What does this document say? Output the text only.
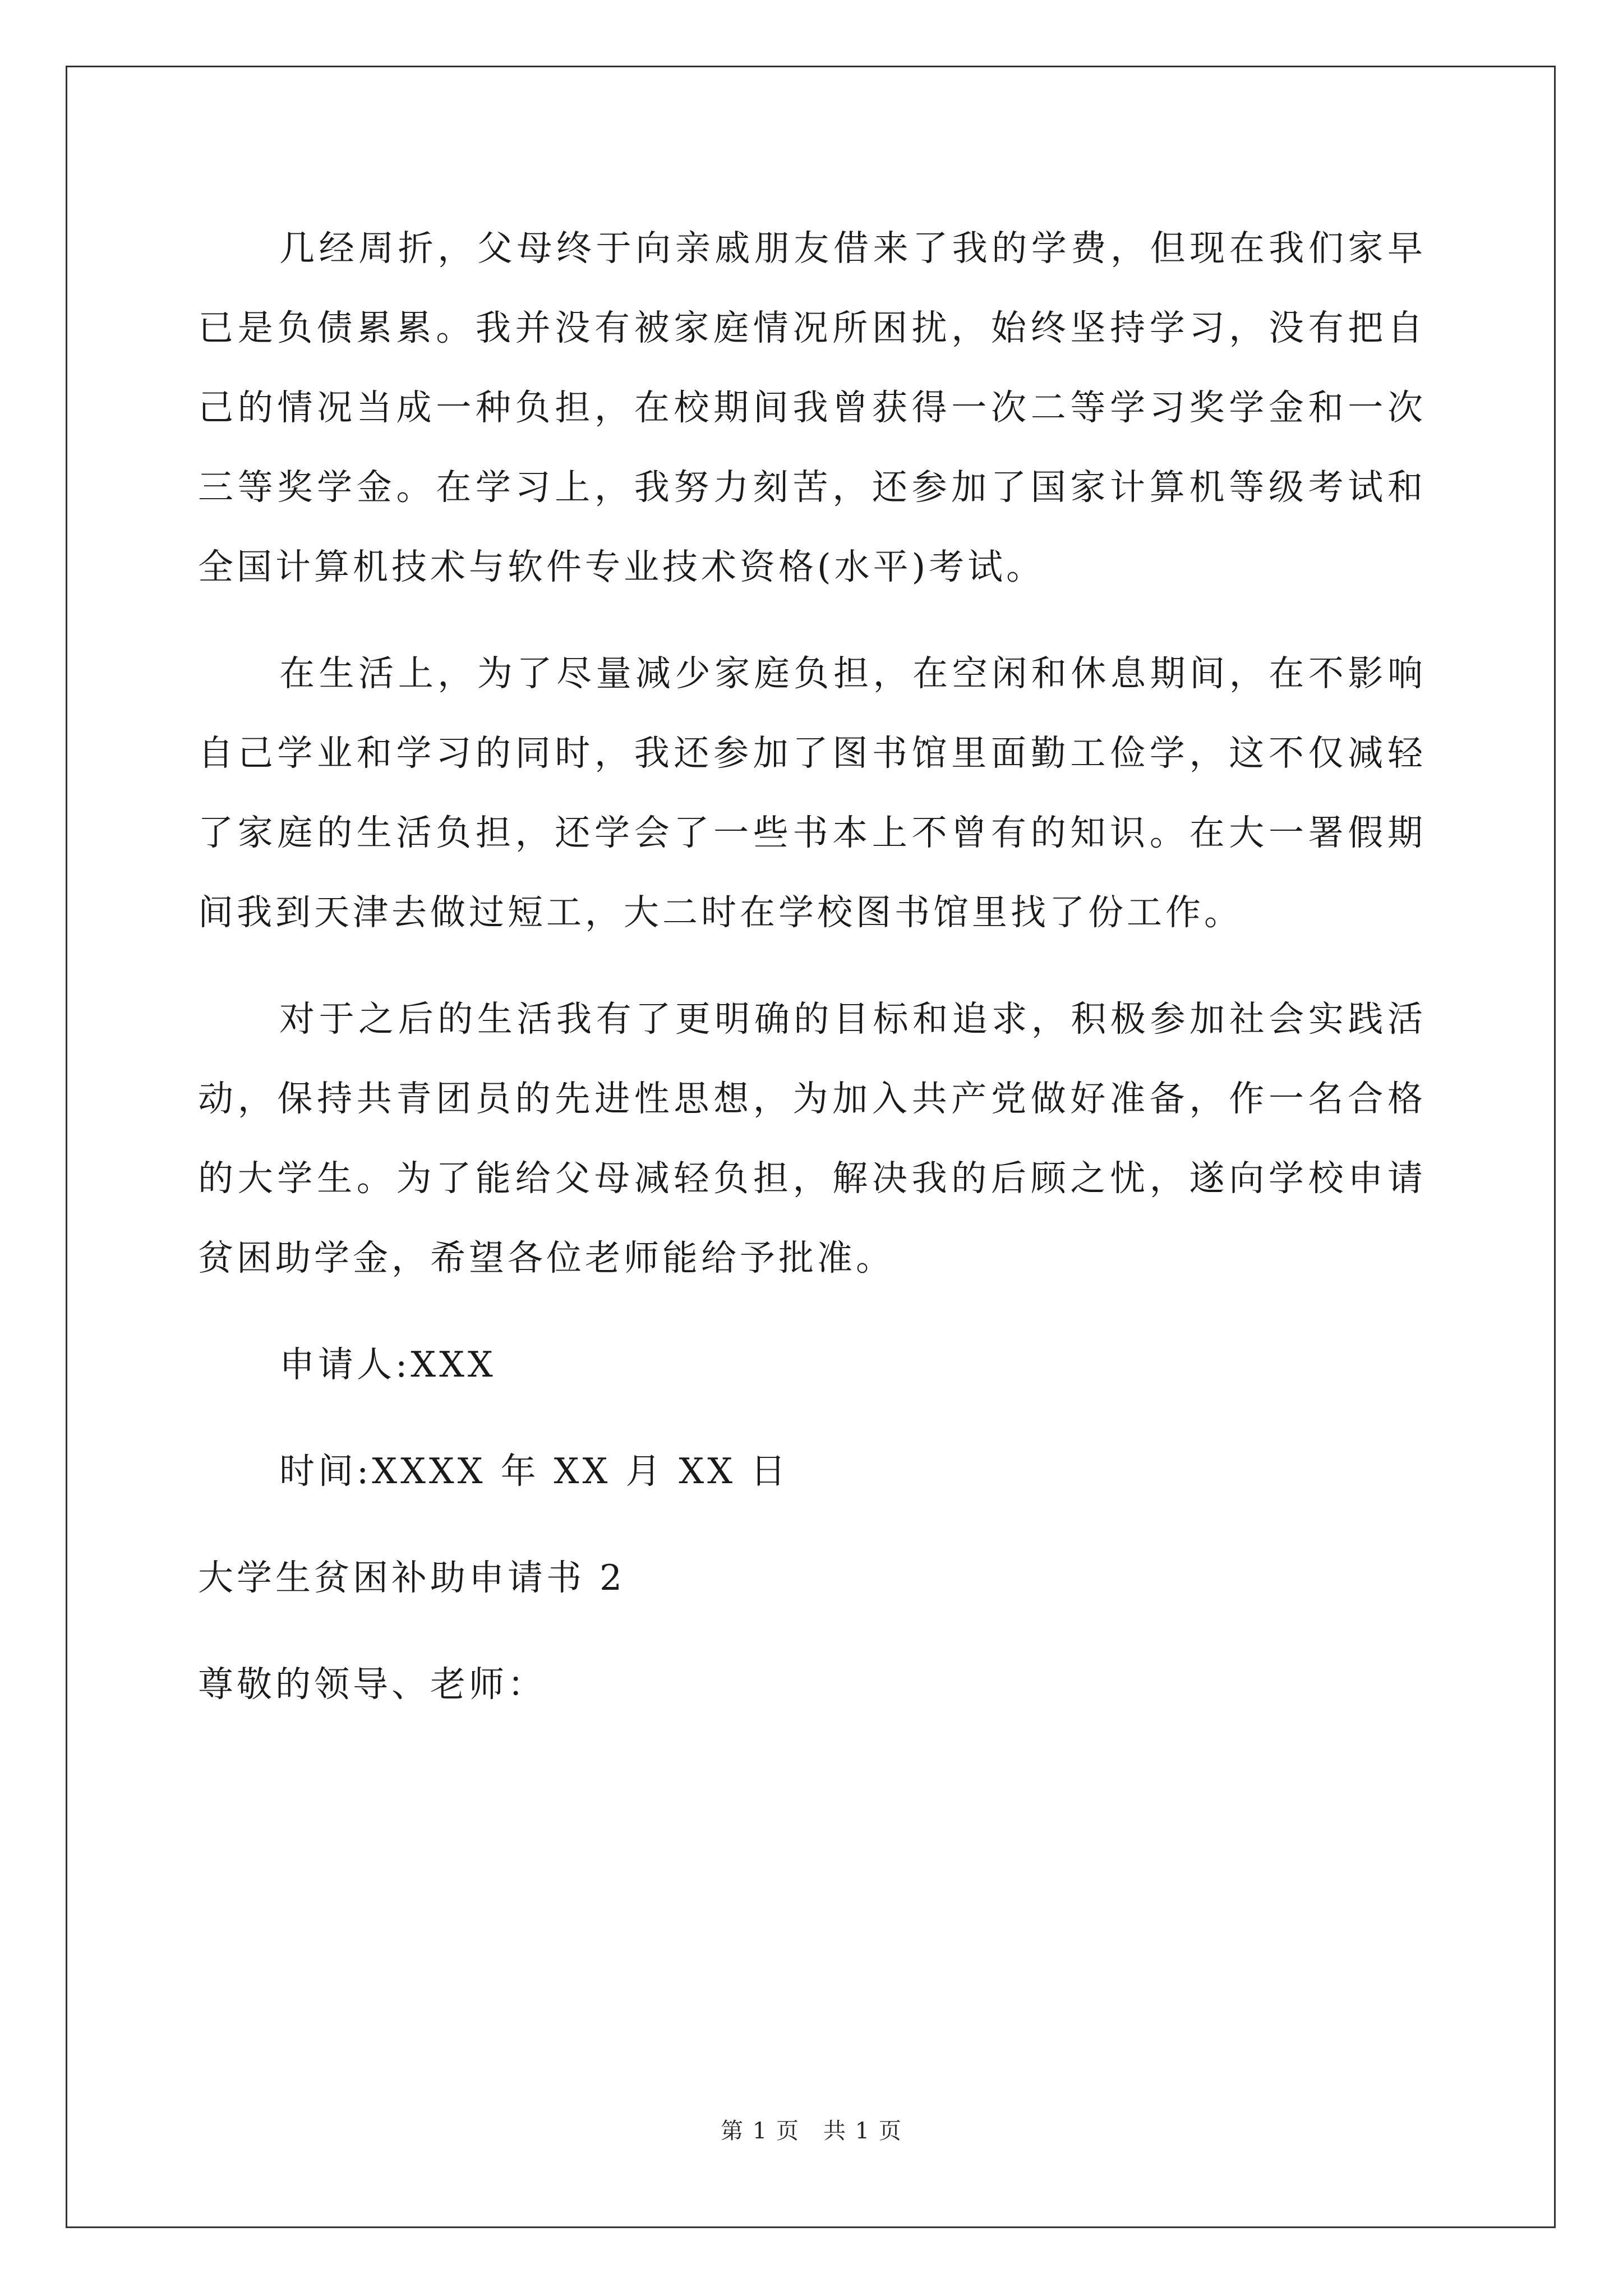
几经周折，父母终于向亲戚朋友借来了我的学费，但现在我们家早已是负债累累。我并没有被家庭情况所困扰，始终坚持学习，没有把自己的情况当成一种负担，在校期间我曾获得一次二等学习奖学金和一次三等奖学金。在学习上，我努力刻苦，还参加了国家计算机等级考试和全国计算机技术与软件专业技术资格(水平)考试。

在生活上，为了尽量减少家庭负担，在空闲和休息期间，在不影响自己学业和学习的同时，我还参加了图书馆里面勤工俭学，这不仅减轻了家庭的生活负担，还学会了一些书本上不曾有的知识。在大一署假期间我到天津去做过短工，大二时在学校图书馆里找了份工作。

对于之后的生活我有了更明确的目标和追求，积极参加社会实践活动，保持共青团员的先进性思想，为加入共产党做好准备，作一名合格的大学生。为了能给父母减轻负担，解决我的后顾之忧，遂向学校申请贫困助学金，希望各位老师能给予批准。

申请人:XXX

时间:XXXX 年 XX 月 XX 日

大学生贫困补助申请书 2

尊敬的领导、老师：

第 1 页　共 1 页
